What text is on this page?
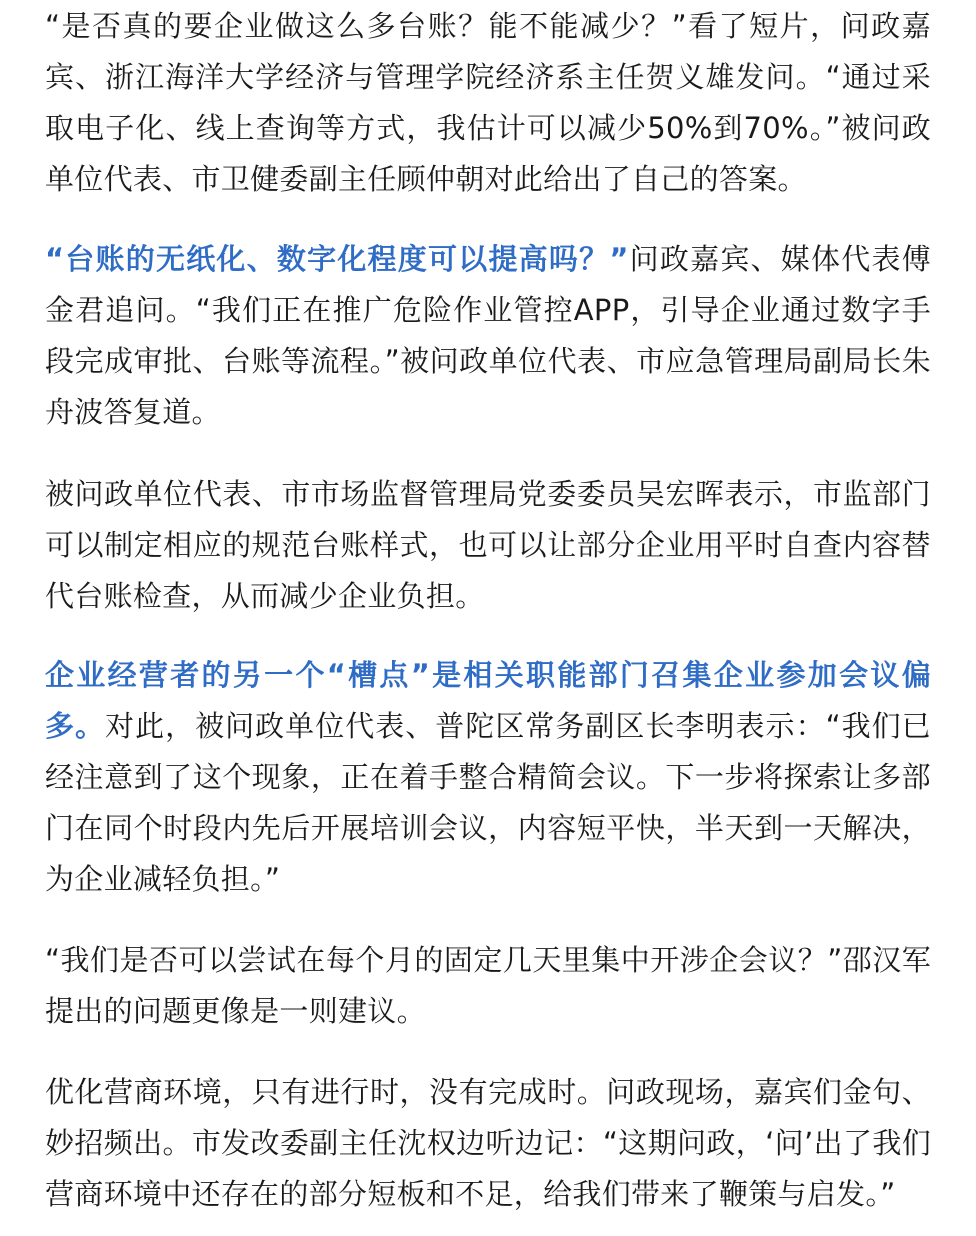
“是否真的要企业做这么多台账？能不能减少？”看了短片，问政嘉宾、浙江海洋大学经济与管理学院经济系主任贺义雄发问。“通过采取电子化、线上查询等方式，我估计可以减少50%到70%。”被问政单位代表、市卫健委副主任顾仲朝对此给出了自己的答案。

“台账的无纸化、数字化程度可以提高吗？”问政嘉宾、媒体代表傅金君追问。“我们正在推广危险作业管控APP，引导企业通过数字手段完成审批、台账等流程。”被问政单位代表、市应急管理局副局长朱舟波答复道。

被问政单位代表、市市场监督管理局党委委员吴宏晖表示，市监部门可以制定相应的规范台账样式，也可以让部分企业用平时自查内容替代台账检查，从而减少企业负担。

企业经营者的另一个“槽点”是相关职能部门召集企业参加会议偏多。对此，被问政单位代表、普陀区常务副区长李明表示：“我们已经注意到了这个现象，正在着手整合精简会议。下一步将探索让多部门在同个时段内先后开展培训会议，内容短平快，半天到一天解决，为企业减轻负担。”

“我们是否可以尝试在每个月的固定几天里集中开涉企会议？”邵汉军提出的问题更像是一则建议。

优化营商环境，只有进行时，没有完成时。问政现场，嘉宾们金句、妙招频出。市发改委副主任沈权边听边记：“这期问政，‘问’出了我们营商环境中还存在的部分短板和不足，给我们带来了鞭策与启发。”
